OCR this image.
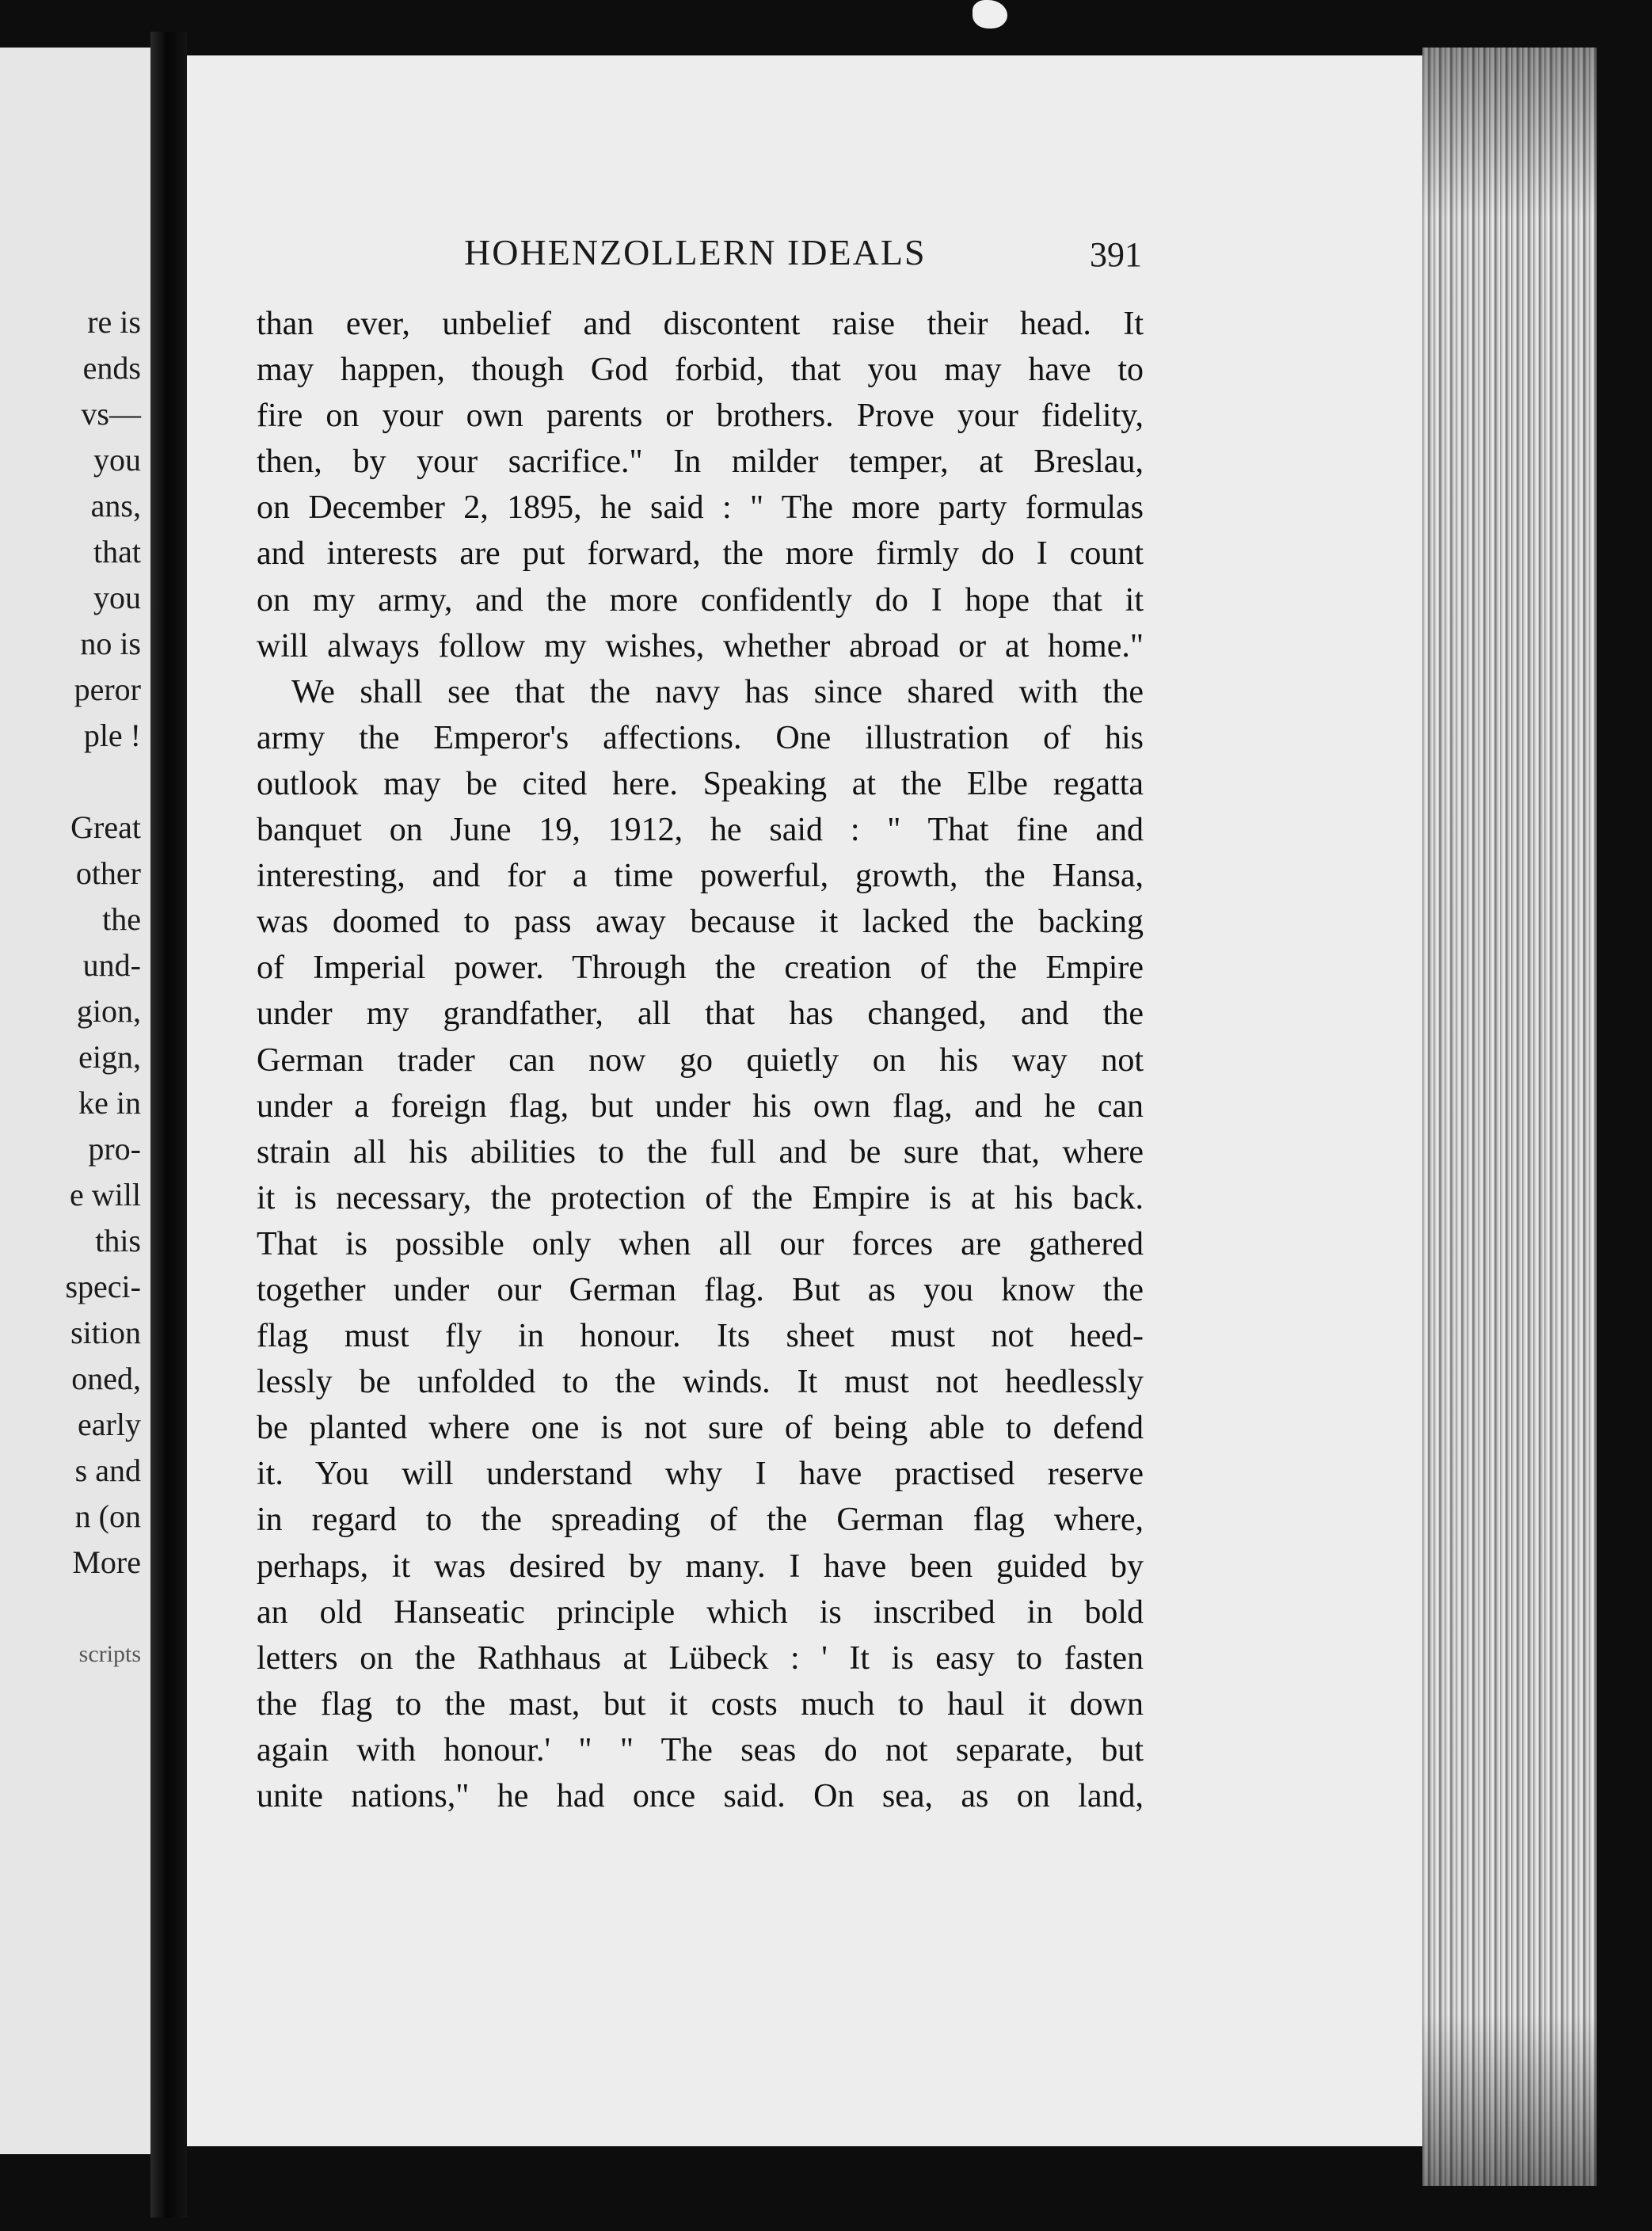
re is
ends
vs—
you
ans,
that
you
no is
peror
ple !
Great
other
the
und-
gion,
eign,
ke in
pro-
e will
this
speci-
sition
oned,
early
s and
n (on
More
scripts
HOHENZOLLERN IDEALS	391
than ever, unbelief and discontent raise their head. It
may happen, though God forbid, that you may have to
fire on your own parents or brothers. Prove your fidelity,
then, by your sacrifice." In milder temper, at Breslau,
on December 2, 1895, he said : " The more party formulas
and interests are put forward, the more firmly do I count
on my army, and the more confidently do I hope that it
will always follow my wishes, whether abroad or at home."
We shall see that the navy has since shared with the
army the Emperor's affections. One illustration of his
outlook may be cited here. Speaking at the Elbe regatta
banquet on June 19, 1912, he said : " That fine and
interesting, and for a time powerful, growth, the Hansa,
was doomed to pass away because it lacked the backing
of Imperial power. Through the creation of the Empire
under my grandfather, all that has changed, and the
German trader can now go quietly on his way not
under a foreign flag, but under his own flag, and he can
strain all his abilities to the full and be sure that, where
it is necessary, the protection of the Empire is at his back.
That is possible only when all our forces are gathered
together under our German flag. But as you know the
flag must fly in honour. Its sheet must not heed-
lessly be unfolded to the winds. It must not heedlessly
be planted where one is not sure of being able to defend
it. You will understand why I have practised reserve
in regard to the spreading of the German flag where,
perhaps, it was desired by many. I have been guided by
an old Hanseatic principle which is inscribed in bold
letters on the Rathhaus at Lübeck : ' It is easy to fasten
the flag to the mast, but it costs much to haul it down
again with honour.' " " The seas do not separate, but
unite nations," he had once said. On sea, as on land,
